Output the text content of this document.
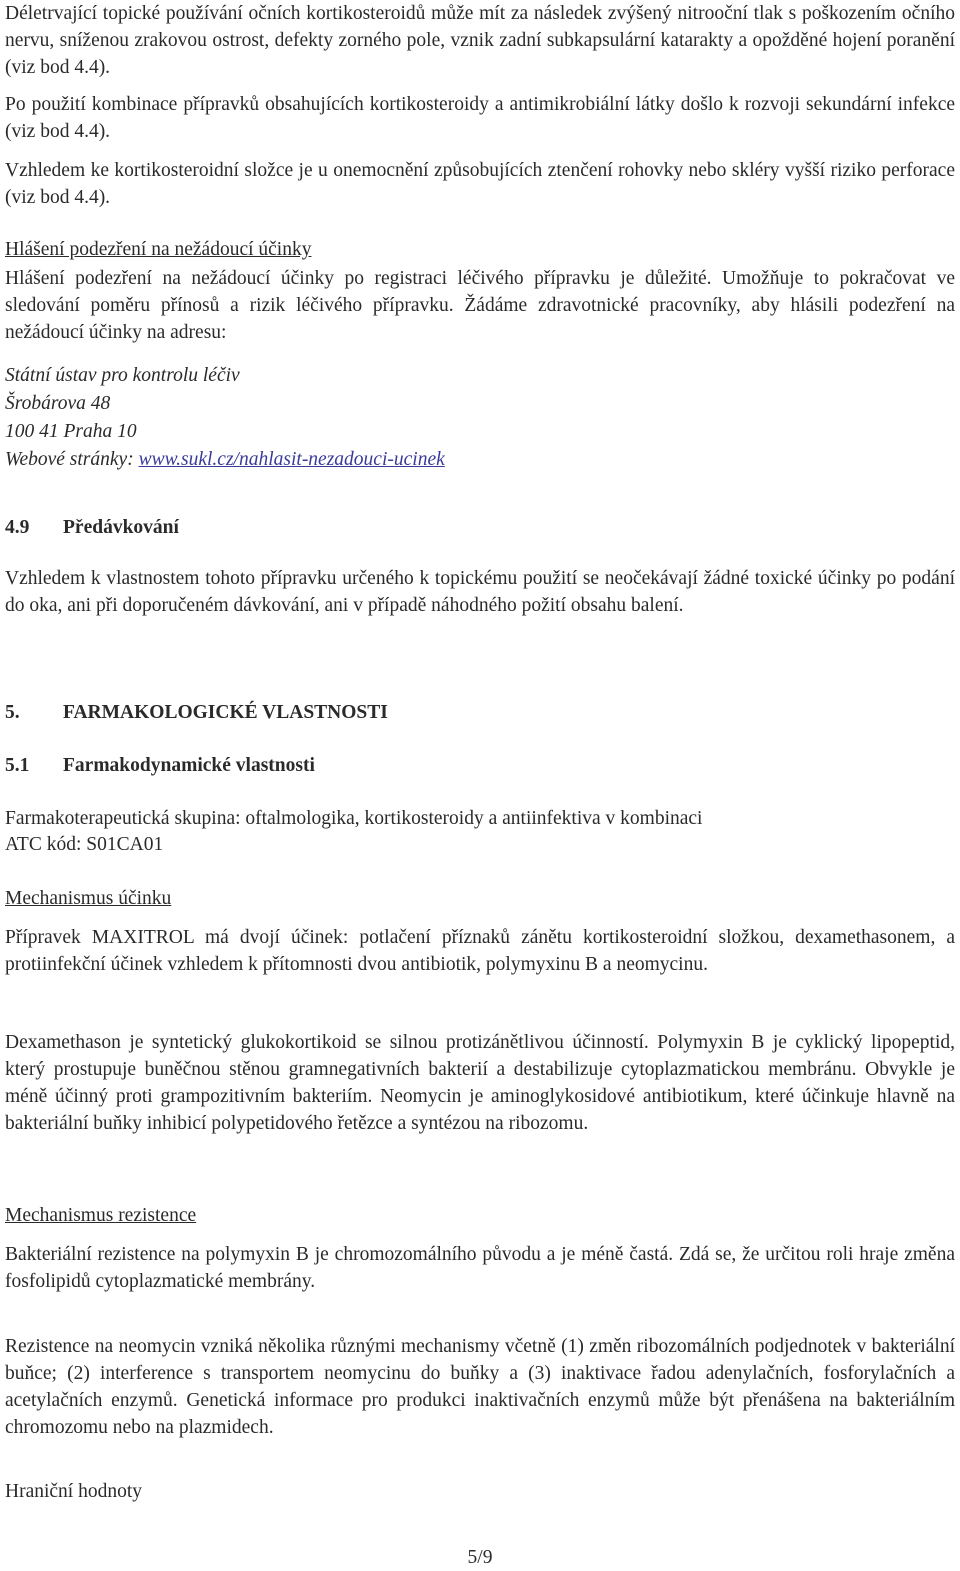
Déletrvající topické používání očních kortikosteroidů může mít za následek zvýšený nitrooční tlak s poškozením očního nervu, sníženou zrakovou ostrost, defekty zorného pole, vznik zadní subkapsulární katarakty a opožděné hojení poranění (viz bod 4.4).

Po použití kombinace přípravků obsahujících kortikosteroidy a antimikrobiální látky došlo k rozvoji sekundární infekce (viz bod 4.4).

Vzhledem ke kortikosteroidní složce je u onemocnění způsobujících ztenčení rohovky nebo skléry vyšší riziko perforace (viz bod 4.4).

Hlášení podezření na nežádoucí účinky

Hlášení podezření na nežádoucí účinky po registraci léčivého přípravku je důležité. Umožňuje to pokračovat ve sledování poměru přínosů a rizik léčivého přípravku. Žádáme zdravotnické pracovníky, aby hlásili podezření na nežádoucí účinky na adresu:

Státní ústav pro kontrolu léčiv
Šrobárova 48
100 41 Praha 10
Webové stránky: www.sukl.cz/nahlasit-nezadouci-ucinek
4.9	Předávkování

Vzhledem k vlastnostem tohoto přípravku určeného k topickému použití se neočekávají žádné toxické účinky po podání do oka, ani při doporučeném dávkování, ani v případě náhodného požití obsahu balení.

5.	FARMAKOLOGICKÉ VLASTNOSTI
5.1	Farmakodynamické vlastnosti

Farmakoterapeutická skupina: oftalmologika, kortikosteroidy a antiinfektiva v kombinaci

ATC kód: S01CA01

Mechanismus účinku

Přípravek MAXITROL má dvojí účinek: potlačení příznaků zánětu kortikosteroidní složkou, dexamethasonem, a protiinfekční účinek vzhledem k přítomnosti dvou antibiotik, polymyxinu B a neomycinu.

Dexamethason je syntetický glukokortikoid se silnou protizánětlivou účinností. Polymyxin B je cyklický lipopeptid, který prostupuje buněčnou stěnou gramnegativních bakterií a destabilizuje cytoplazmatickou membránu. Obvykle je méně účinný proti grampozitivním bakteriím. Neomycin je aminoglykosidové antibiotikum, které účinkuje hlavně na bakteriální buňky inhibicí polypetidového řetězce a syntézou na ribozomu.

Mechanismus rezistence

Bakteriální rezistence na polymyxin B je chromozomálního původu a je méně častá. Zdá se, že určitou roli hraje změna fosfolipidů cytoplazmatické membrány.

Rezistence na neomycin vzniká několika různými mechanismy včetně (1) změn ribozomálních podjednotek v bakteriální buňce; (2) interference s transportem neomycinu do buňky a (3) inaktivace řadou adenylačních, fosforylačních a acetylačních enzymů. Genetická informace pro produkci inaktivačních enzymů může být přenášena na bakteriálním chromozomu nebo na plazmidech.

Hraniční hodnoty

5/9
